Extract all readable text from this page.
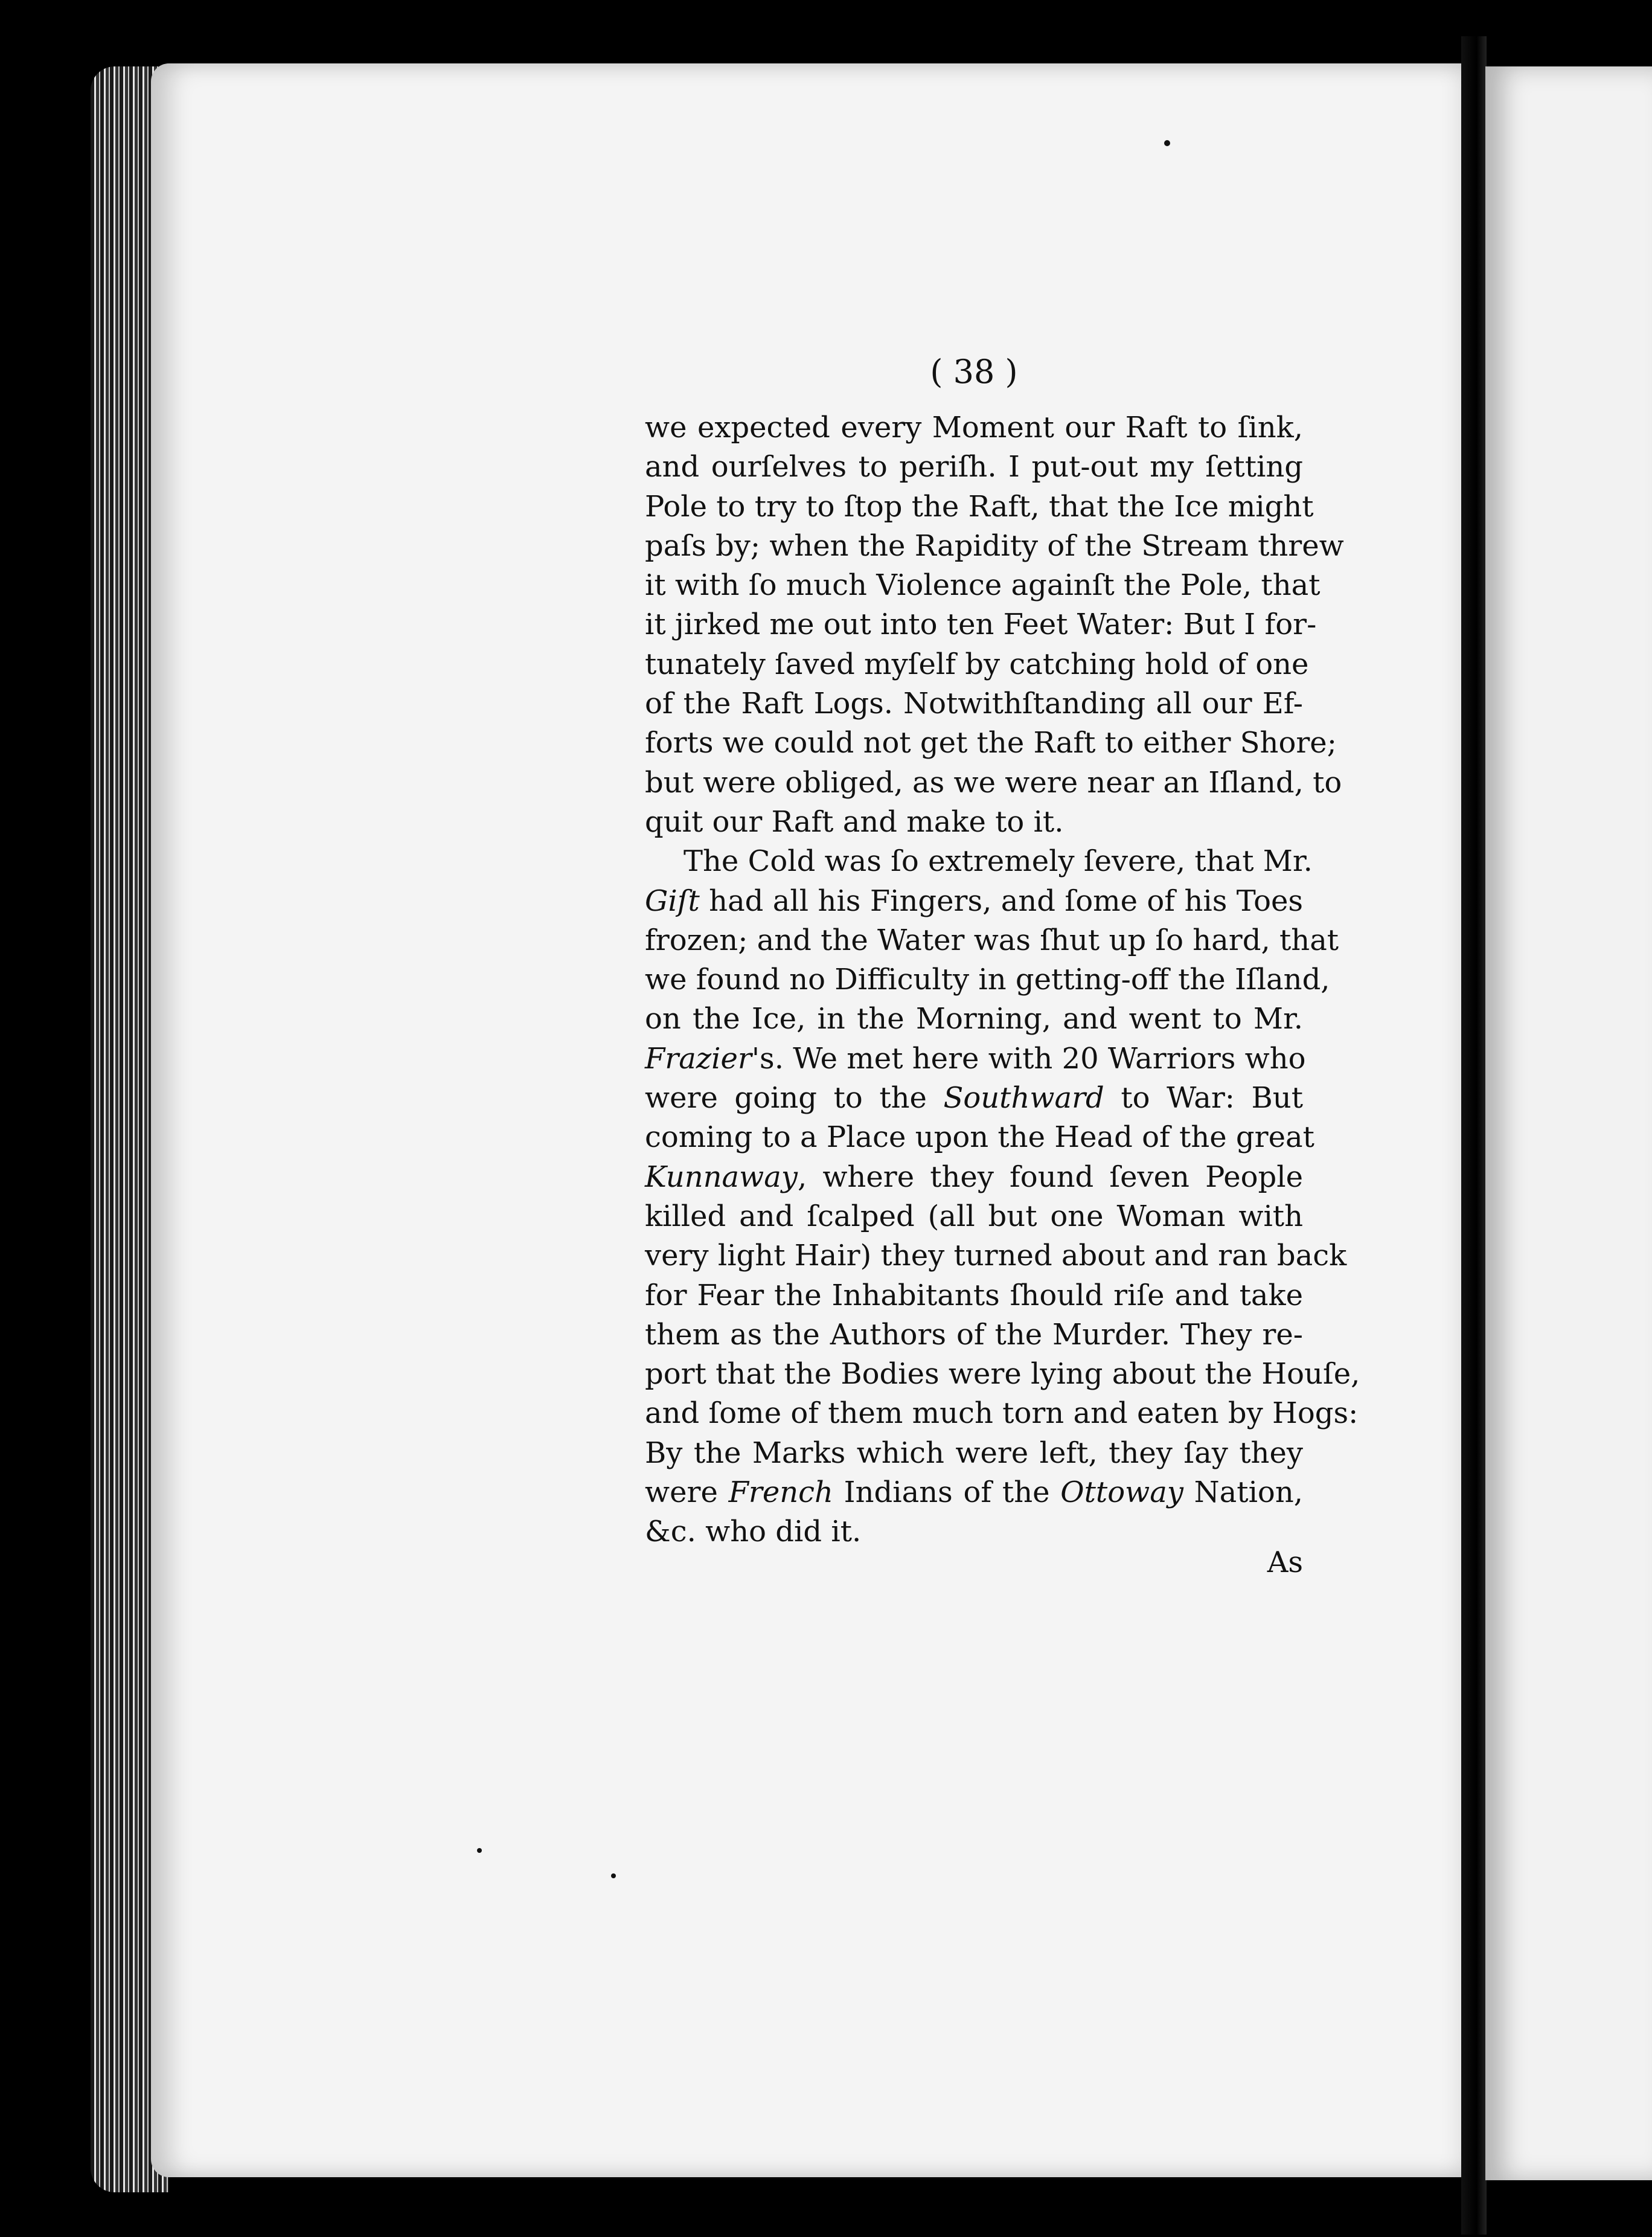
( 38 )
we expected every Moment our Raft to ſink,
and ourſelves to periſh. I put-out my ſetting
Pole to try to ſtop the Raft, that the Ice might
paſs by; when the Rapidity of the Stream threw
it with ſo much Violence againſt the Pole, that
it jirked me out into ten Feet Water: But I for-
tunately ſaved myſelf by catching hold of one
of the Raft Logs. Notwithſtanding all our Ef-
forts we could not get the Raft to either Shore;
but were obliged, as we were near an Iſland, to
quit our Raft and make to it.
The Cold was ſo extremely ſevere, that Mr.
Giſt had all his Fingers, and ſome of his Toes
frozen; and the Water was ſhut up ſo hard, that
we found no Difficulty in getting-off the Iſland,
on the Ice, in the Morning, and went to Mr.
Frazier's. We met here with 20 Warriors who
were going to the Southward to War: But
coming to a Place upon the Head of the great
Kunnaway, where they found ſeven People
killed and ſcalped (all but one Woman with
very light Hair) they turned about and ran back
for Fear the Inhabitants ſhould riſe and take
them as the Authors of the Murder. They re-
port that the Bodies were lying about the Houſe,
and ſome of them much torn and eaten by Hogs:
By the Marks which were left, they ſay they
were French Indians of the Ottoway Nation,
&c. who did it.
As
